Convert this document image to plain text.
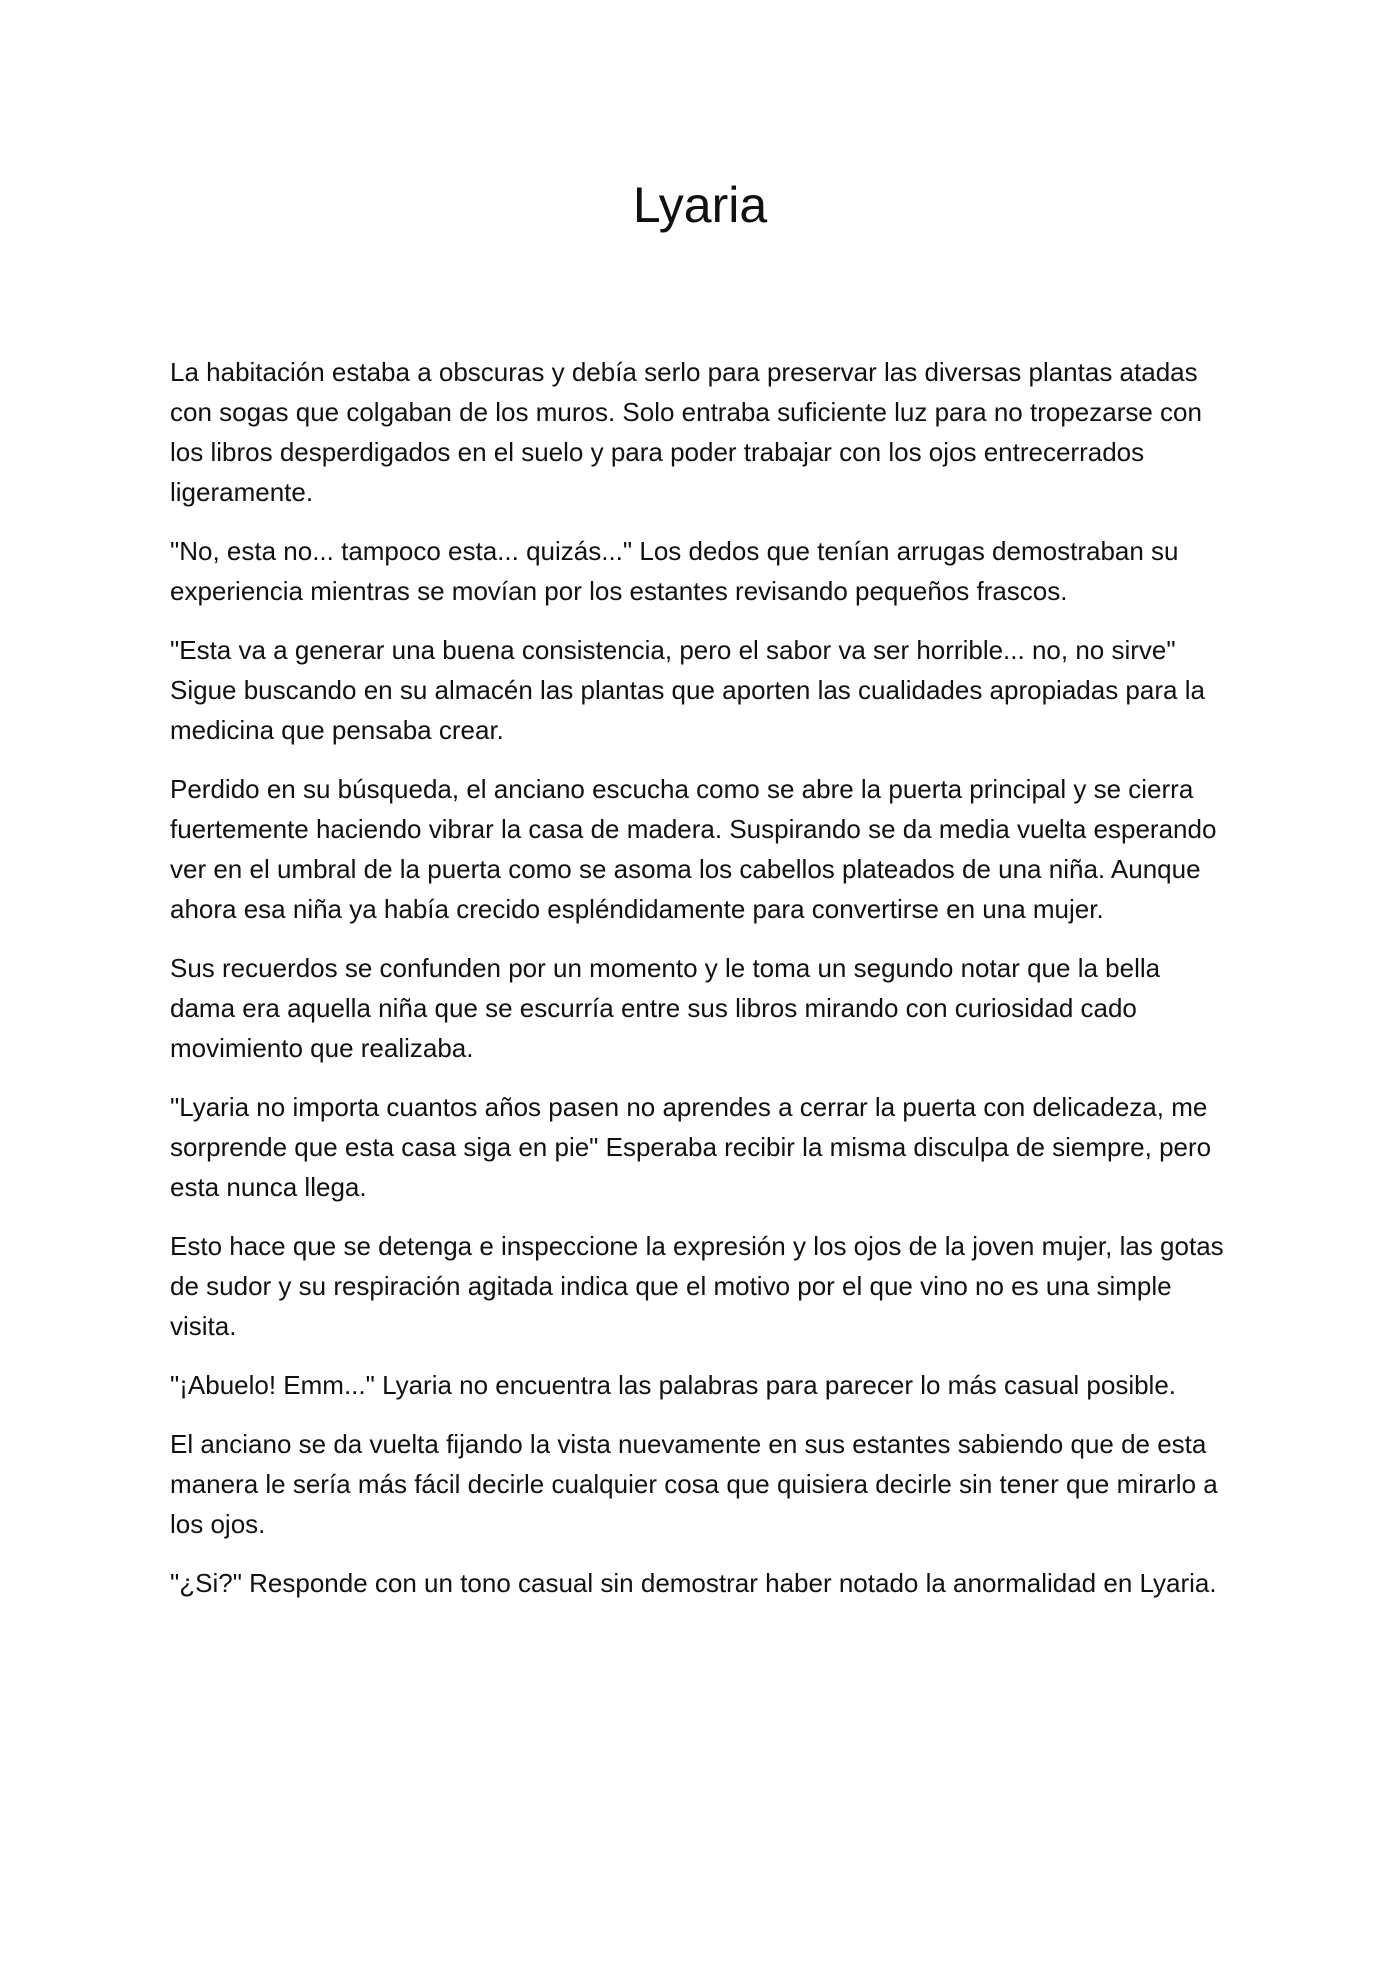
Lyaria

La habitación estaba a obscuras y debía serlo para preservar las diversas plantas atadas con sogas que colgaban de los muros. Solo entraba suficiente luz para no tropezarse con los libros desperdigados en el suelo y para poder trabajar con los ojos entrecerrados ligeramente.

"No, esta no... tampoco esta... quizás..." Los dedos que tenían arrugas demostraban su experiencia mientras se movían por los estantes revisando pequeños frascos.

"Esta va a generar una buena consistencia, pero el sabor va ser horrible... no, no sirve" Sigue buscando en su almacén las plantas que aporten las cualidades apropiadas para la medicina que pensaba crear.

Perdido en su búsqueda, el anciano escucha como se abre la puerta principal y se cierra fuertemente haciendo vibrar la casa de madera. Suspirando se da media vuelta esperando ver en el umbral de la puerta como se asoma los cabellos plateados de una niña. Aunque ahora esa niña ya había crecido espléndidamente para convertirse en una mujer.

Sus recuerdos se confunden por un momento y le toma un segundo notar que la bella dama era aquella niña que se escurría entre sus libros mirando con curiosidad cado movimiento que realizaba.

"Lyaria no importa cuantos años pasen no aprendes a cerrar la puerta con delicadeza, me sorprende que esta casa siga en pie" Esperaba recibir la misma disculpa de siempre, pero esta nunca llega.

Esto hace que se detenga e inspeccione la expresión y los ojos de la joven mujer, las gotas de sudor y su respiración agitada indica que el motivo por el que vino no es una simple visita.

"¡Abuelo! Emm..." Lyaria no encuentra las palabras para parecer lo más casual posible.

El anciano se da vuelta fijando la vista nuevamente en sus estantes sabiendo que de esta manera le sería más fácil decirle cualquier cosa que quisiera decirle sin tener que mirarlo a los ojos.

"¿Si?" Responde con un tono casual sin demostrar haber notado la anormalidad en Lyaria.
